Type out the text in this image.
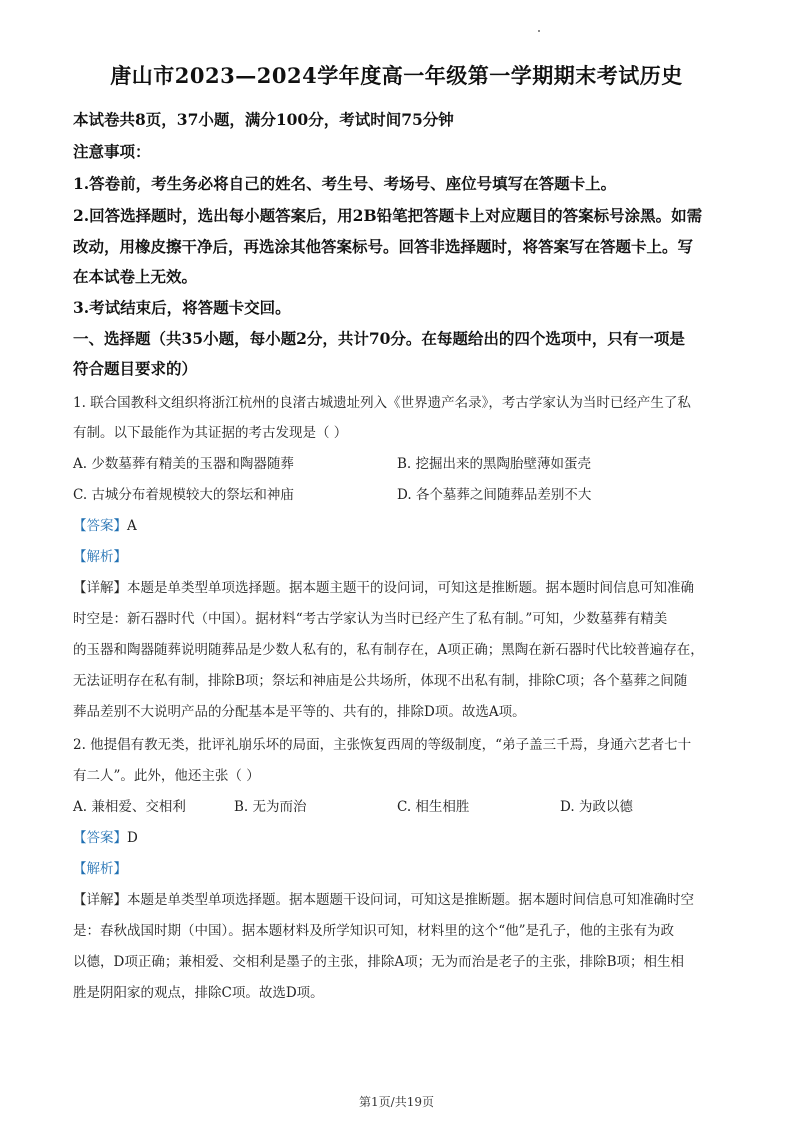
唐山市2023—2024学年度高一年级第一学期期末考试历史
本试卷共8页，37小题，满分100分，考试时间75分钟
注意事项：
1.答卷前，考生务必将自己的姓名、考生号、考场号、座位号填写在答题卡上。
2.回答选择题时，选出每小题答案后，用2B铅笔把答题卡上对应题目的答案标号涂黑。如需
改动，用橡皮擦干净后，再选涂其他答案标号。回答非选择题时，将答案写在答题卡上。写
在本试卷上无效。
3.考试结束后，将答题卡交回。
一、选择题（共35小题，每小题2分，共计70分。在每题给出的四个选项中，只有一项是
符合题目要求的）
1. 联合国教科文组织将浙江杭州的良渚古城遗址列入《世界遗产名录》，考古学家认为当时已经产生了私
有制。以下最能作为其证据的考古发现是（ ）
A. 少数墓葬有精美的玉器和陶器随葬	B. 挖掘出来的黑陶胎壁薄如蛋壳
C. 古城分布着规模较大的祭坛和神庙	D. 各个墓葬之间随葬品差别不大
【答案】A
【解析】
【详解】本题是单类型单项选择题。据本题主题干的设问词，可知这是推断题。据本题时间信息可知准确
时空是：新石器时代（中国）。据材料“考古学家认为当时已经产生了私有制。”可知，少数墓葬有精美
的玉器和陶器随葬说明随葬品是少数人私有的，私有制存在，A项正确；黑陶在新石器时代比较普遍存在，
无法证明存在私有制，排除B项；祭坛和神庙是公共场所，体现不出私有制，排除C项；各个墓葬之间随
葬品差别不大说明产品的分配基本是平等的、共有的，排除D项。故选A项。
2. 他提倡有教无类，批评礼崩乐坏的局面，主张恢复西周的等级制度，“弟子盖三千焉，身通六艺者七十
有二人”。此外，他还主张（ ）
A. 兼相爱、交相利	B. 无为而治	C. 相生相胜	D. 为政以德
【答案】D
【解析】
【详解】本题是单类型单项选择题。据本题题干设问词，可知这是推断题。据本题时间信息可知准确时空
是：春秋战国时期（中国）。据本题材料及所学知识可知，材料里的这个“他”是孔子，他的主张有为政
以德，D项正确；兼相爱、交相利是墨子的主张，排除A项；无为而治是老子的主张，排除B项；相生相
胜是阴阳家的观点，排除C项。故选D项。
第1页/共19页
